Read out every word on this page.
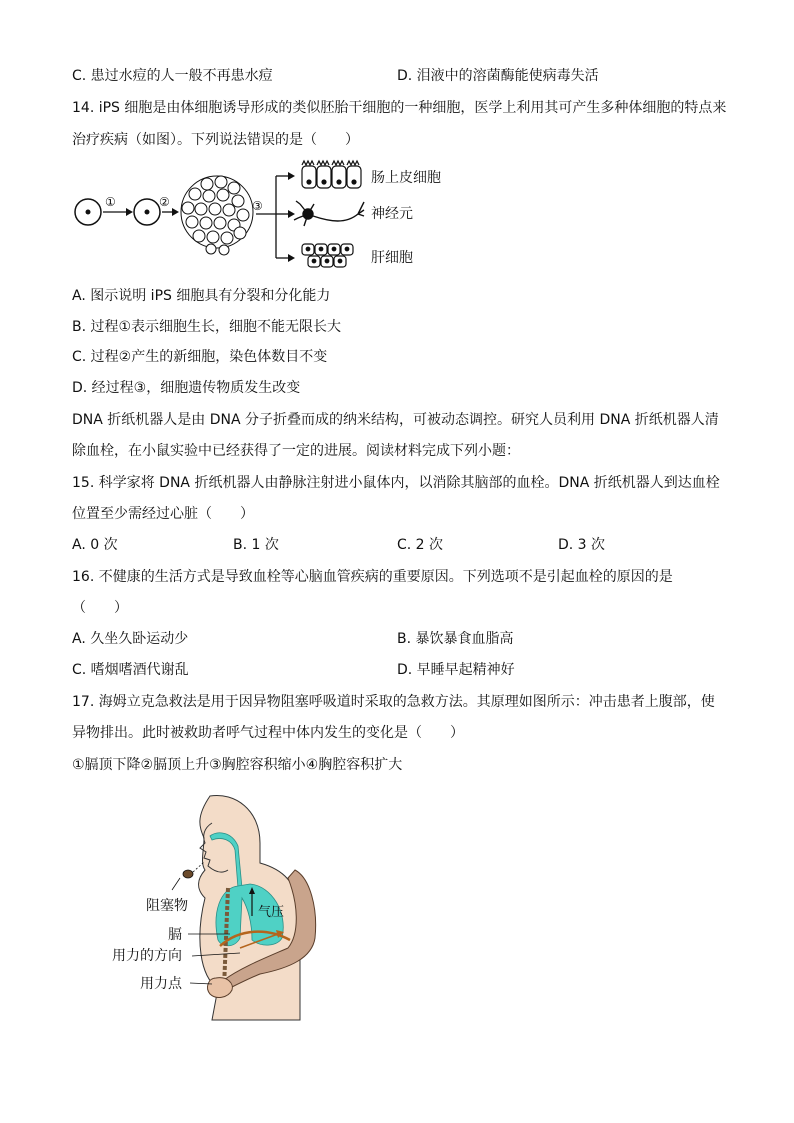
C. 患过水痘的人一般不再患水痘	D. 泪液中的溶菌酶能使病毒失活
14. iPS 细胞是由体细胞诱导形成的类似胚胎干细胞的一种细胞，医学上利用其可产生多种体细胞的特点来
治疗疾病（如图）。下列说法错误的是（　　）
①	②	③
肠上皮细胞
神经元
肝细胞
A. 图示说明 iPS 细胞具有分裂和分化能力
B. 过程①表示细胞生长，细胞不能无限长大
C. 过程②产生的新细胞，染色体数目不变
D. 经过程③，细胞遗传物质发生改变
DNA 折纸机器人是由 DNA 分子折叠而成的纳米结构，可被动态调控。研究人员利用 DNA 折纸机器人清
除血栓，在小鼠实验中已经获得了一定的进展。阅读材料完成下列小题：
15. 科学家将 DNA 折纸机器人由静脉注射进小鼠体内，以消除其脑部的血栓。DNA 折纸机器人到达血栓
位置至少需经过心脏（　　）
A. 0 次	B. 1 次	C. 2 次	D. 3 次
16. 不健康的生活方式是导致血栓等心脑血管疾病的重要原因。下列选项不是引起血栓的原因的是
（　　）
A. 久坐久卧运动少	B. 暴饮暴食血脂高
C. 嗜烟嗜酒代谢乱	D. 早睡早起精神好
17. 海姆立克急救法是用于因异物阻塞呼吸道时采取的急救方法。其原理如图所示：冲击患者上腹部，使
异物排出。此时被救助者呼气过程中体内发生的变化是（　　）
①膈顶下降②膈顶上升③胸腔容积缩小④胸腔容积扩大
气压
阻塞物
膈
用力的方向
用力点
